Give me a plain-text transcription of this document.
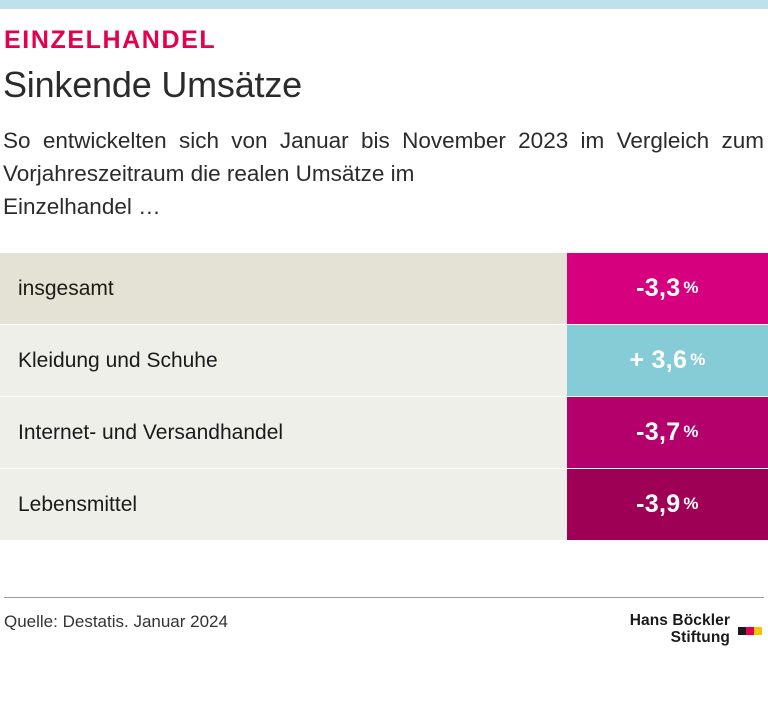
EINZELHANDEL
Sinkende Umsätze
So entwickelten sich von Januar bis November 2023 im Vergleich zum Vorjahreszeitraum die realen Umsätze im
Einzelhandel …
insgesamt	-3,3 %
Kleidung und Schuhe	+ 3,6 %
Internet- und Versandhandel	-3,7 %
Lebensmittel	-3,9 %
Quelle: Destatis. Januar 2024	Hans Böckler
Stiftung
